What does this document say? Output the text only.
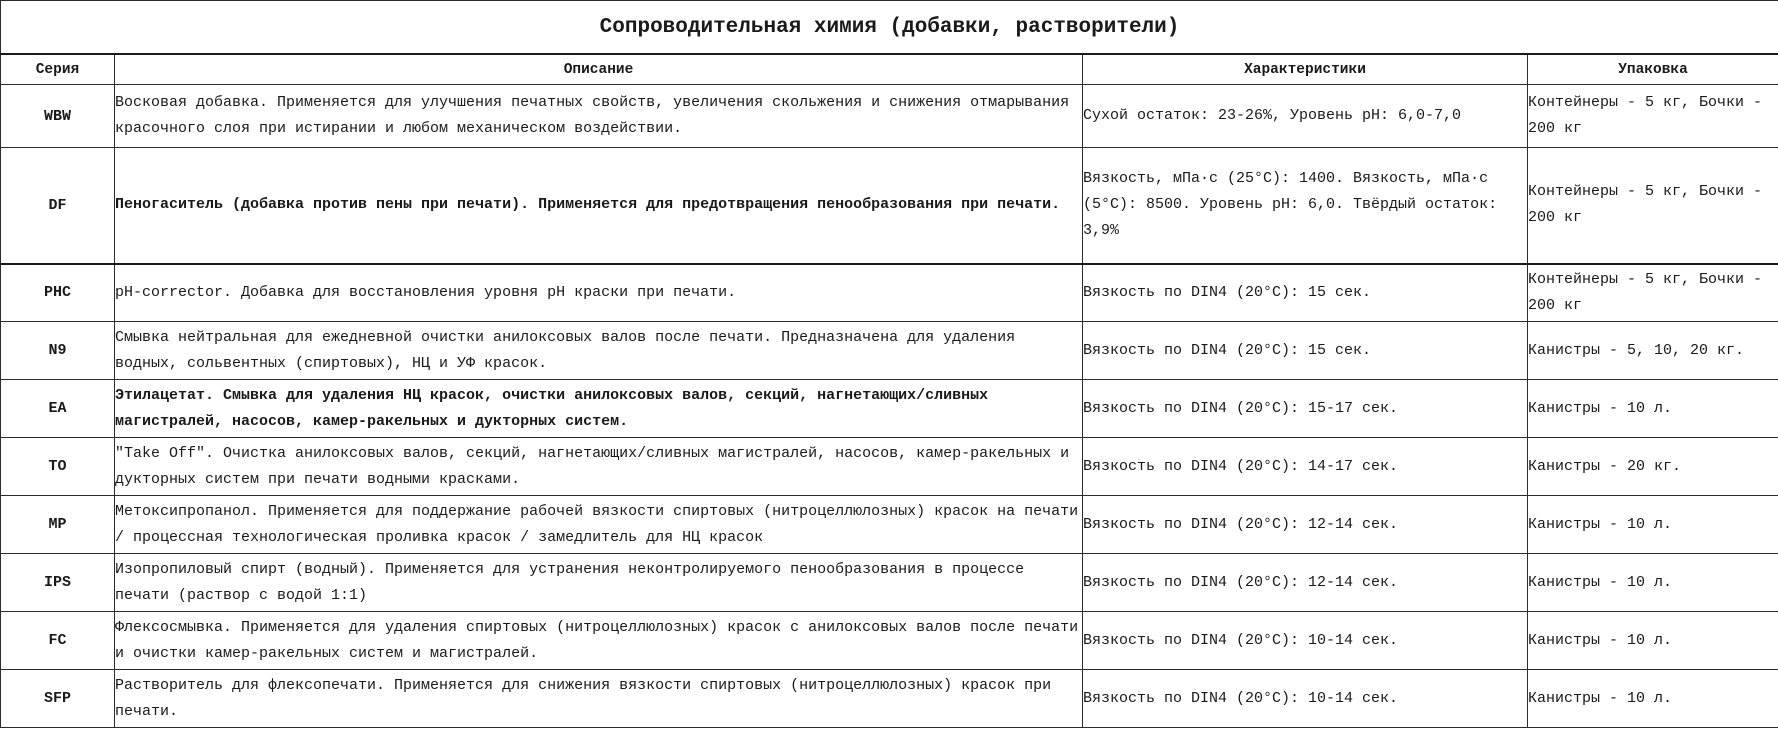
Сопроводительная химия (добавки, растворители)			
Серия	Описание	Характеристики	Упаковка
WBW	Восковая добавка. Применяется для улучшения печатных свойств, увеличения скольжения и снижения отмарывания красочного слоя при истирании и любом механическом воздействии.	Сухой остаток: 23-26%, Уровень pH: 6,0-7,0	Контейнеры - 5 кг, Бочки - 200 кг
DF	Пеногаситель (добавка против пены при печати). Применяется для предотвращения пенообразования при печати.	Вязкость, мПа·с (25°С): 1400. Вязкость, мПа·с (5°С): 8500. Уровень pH: 6,0. Твёрдый остаток: 3,9%	Контейнеры - 5 кг, Бочки - 200 кг
PHC	pH-corrector. Добавка для восстановления уровня pH краски при печати.	Вязкость по DIN4 (20°С): 15 сек.	Контейнеры - 5 кг, Бочки - 200 кг
N9	Смывка нейтральная для ежедневной очистки анилоксовых валов после печати. Предназначена для удаления водных, сольвентных (спиртовых), НЦ и УФ красок.	Вязкость по DIN4 (20°С): 15 сек.	Канистры - 5, 10, 20 кг.
EA	Этилацетат. Смывка для удаления НЦ красок, очистки анилоксовых валов, секций, нагнетающих/сливных магистралей, насосов, камер-ракельных и дукторных систем.	Вязкость по DIN4 (20°С): 15-17 сек.	Канистры - 10 л.
TO	"Take Off". Очистка анилоксовых валов, секций, нагнетающих/сливных магистралей, насосов, камер-ракельных и дукторных систем при печати водными красками.	Вязкость по DIN4 (20°С): 14-17 сек.	Канистры - 20 кг.
MP	Метоксипропанол. Применяется для поддержание рабочей вязкости спиртовых (нитроцеллюлозных) красок на печати / процессная технологическая проливка красок / замедлитель для НЦ красок	Вязкость по DIN4 (20°С): 12-14 сек.	Канистры - 10 л.
IPS	Изопропиловый спирт (водный). Применяется для устранения неконтролируемого пенообразования в процессе печати (раствор с водой 1:1)	Вязкость по DIN4 (20°С): 12-14 сек.	Канистры - 10 л.
FC	Флексосмывка. Применяется для удаления спиртовых (нитроцеллюлозных) красок с анилоксовых валов после печати и очистки камер-ракельных систем и магистралей.	Вязкость по DIN4 (20°С): 10-14 сек.	Канистры - 10 л.
SFP	Растворитель для флексопечати. Применяется для снижения вязкости спиртовых (нитроцеллюлозных) красок при печати.	Вязкость по DIN4 (20°С): 10-14 сек.	Канистры - 10 л.
